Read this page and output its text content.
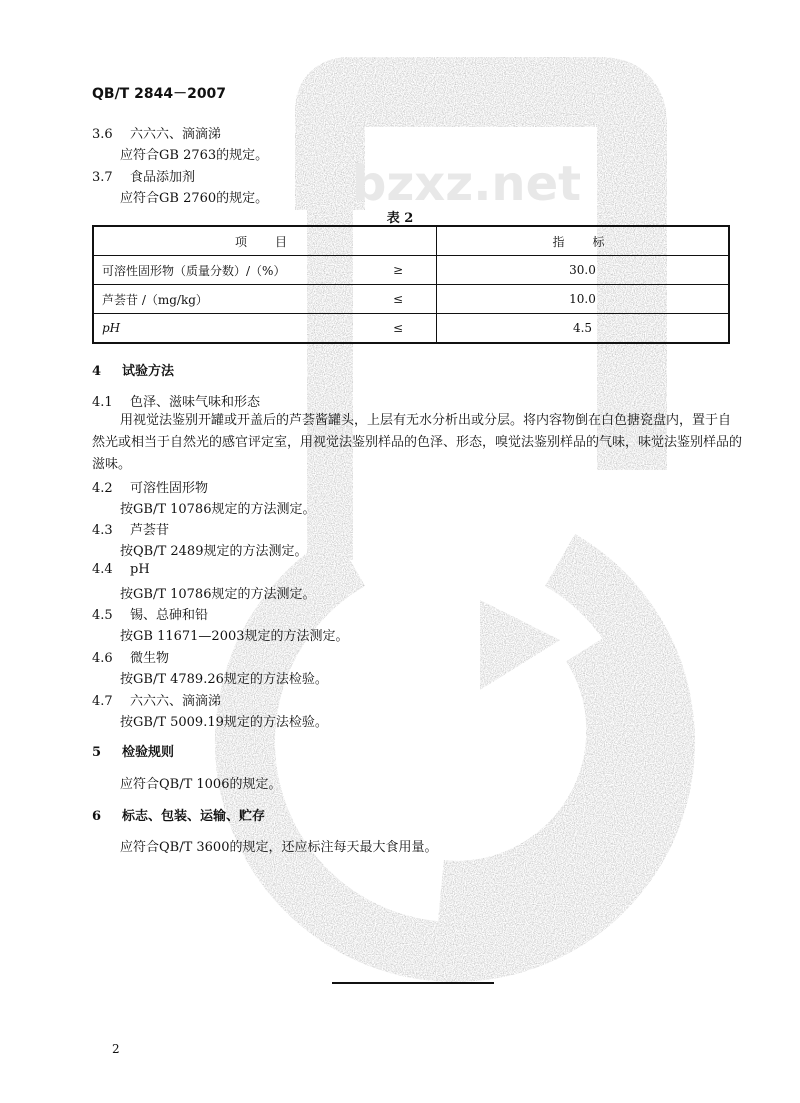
bzxz.net
QB/T 2844－2007
3.6 六六六、滴滴涕
应符合GB 2763的规定。
3.7 食品添加剂
应符合GB 2760的规定。
表 2
项　目		指　标
可溶性固形物（质量分数）/（%）	≥	30.0
芦荟苷 /（mg/kg）	≤	10.0
pH	≤	4.5
4 试验方法
4.1 色泽、滋味气味和形态
用视觉法鉴别开罐或开盖后的芦荟酱罐头，上层有无水分析出或分层。将内容物倒在白色搪瓷盘内，置于自然光或相当于自然光的感官评定室，用视觉法鉴别样品的色泽、形态，嗅觉法鉴别样品的气味，味觉法鉴别样品的滋味。
4.2 可溶性固形物
按GB/T 10786规定的方法测定。
4.3 芦荟苷
按QB/T 2489规定的方法测定。
4.4 pH
按GB/T 10786规定的方法测定。
4.5 锡、总砷和铅
按GB 11671—2003规定的方法测定。
4.6 微生物
按GB/T 4789.26规定的方法检验。
4.7 六六六、滴滴涕
按GB/T 5009.19规定的方法检验。
5 检验规则
应符合QB/T 1006的规定。
6 标志、包装、运输、贮存
应符合QB/T 3600的规定，还应标注每天最大食用量。
2
